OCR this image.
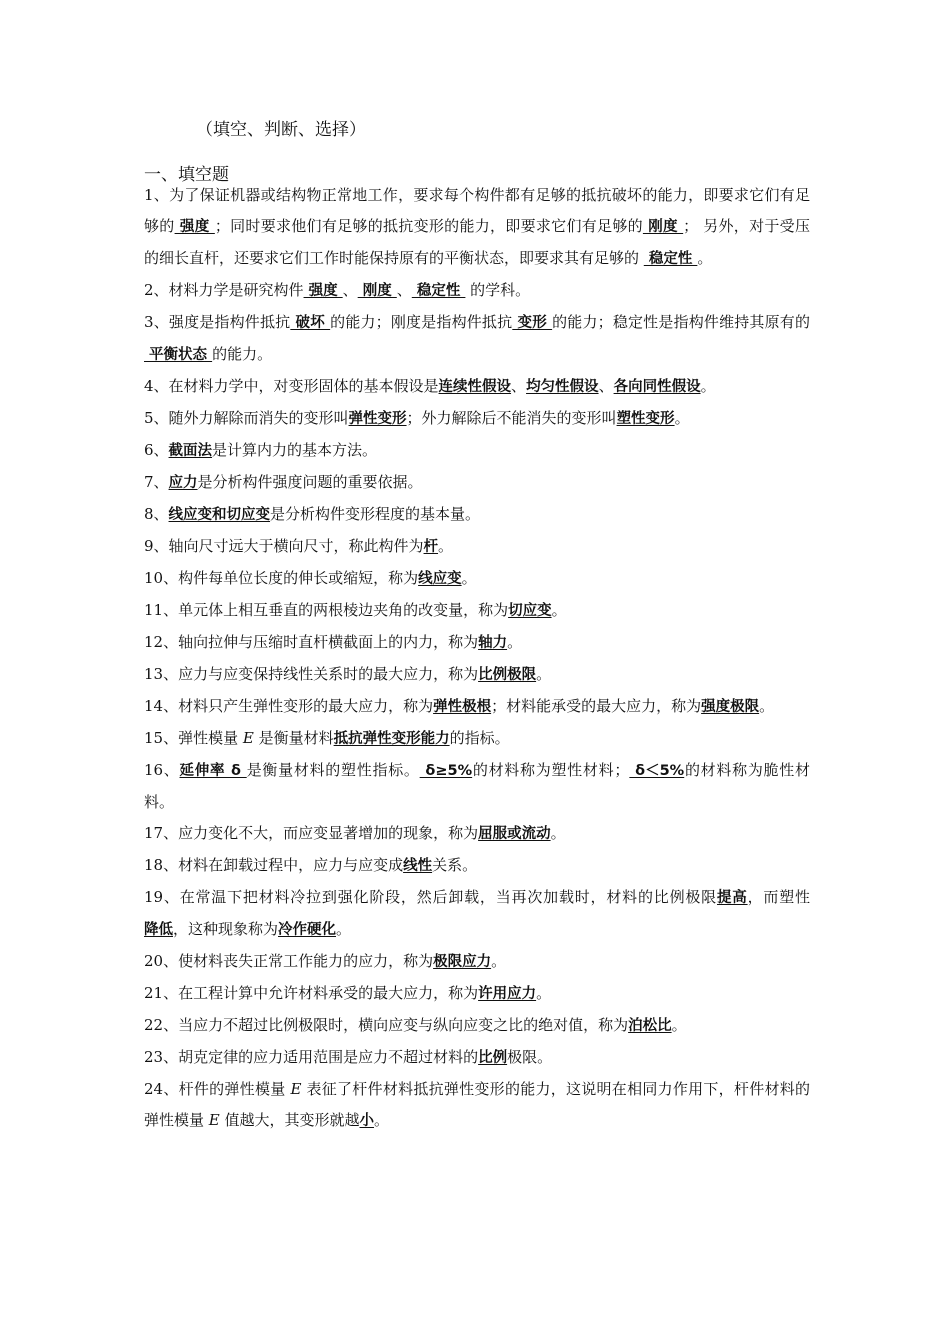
（填空、判断、选择）
一、填空题

1、为了保证机器或结构物正常地工作，要求每个构件都有足够的抵抗破坏的能力，即要求它们有足够的 强度 ；同时要求他们有足够的抵抗变形的能力，即要求它们有足够的 刚度 ； 另外，对于受压的细长直杆，还要求它们工作时能保持原有的平衡状态，即要求其有足够的  稳定性 。

2、材料力学是研究构件 强度 、 刚度 、 稳定性  的学科。

3、强度是指构件抵抗 破坏 的能力；刚度是指构件抵抗 变形 的能力；稳定性是指构件维持其原有的 平衡状态 的能力。

4、在材料力学中，对变形固体的基本假设是连续性假设、均匀性假设、各向同性假设。

5、随外力解除而消失的变形叫弹性变形；外力解除后不能消失的变形叫塑性变形。

6、截面法是计算内力的基本方法。

7、应力是分析构件强度问题的重要依据。

8、线应变和切应变是分析构件变形程度的基本量。

9、轴向尺寸远大于横向尺寸，称此构件为杆。

10、构件每单位长度的伸长或缩短，称为线应变。

11、单元体上相互垂直的两根棱边夹角的改变量，称为切应变。

12、轴向拉伸与压缩时直杆横截面上的内力，称为轴力。

13、应力与应变保持线性关系时的最大应力，称为比例极限。

14、材料只产生弹性变形的最大应力，称为弹性极根；材料能承受的最大应力，称为强度极限。

15、弹性模量 E 是衡量材料抵抗弹性变形能力的指标。

16、延伸率 δ 是衡量材料的塑性指标。 δ≥5%的材料称为塑性材料； δ＜5%的材料称为脆性材料。

17、应力变化不大，而应变显著增加的现象，称为屈服或流动。

18、材料在卸载过程中，应力与应变成线性关系。

19、在常温下把材料冷拉到强化阶段，然后卸载，当再次加载时，材料的比例极限提高，而塑性降低，这种现象称为冷作硬化。

20、使材料丧失正常工作能力的应力，称为极限应力。

21、在工程计算中允许材料承受的最大应力，称为许用应力。

22、当应力不超过比例极限时，横向应变与纵向应变之比的绝对值，称为泊松比。

23、胡克定律的应力适用范围是应力不超过材料的比例极限。

24、杆件的弹性模量 E 表征了杆件材料抵抗弹性变形的能力，这说明在相同力作用下，杆件材料的弹性模量 E 值越大，其变形就越小。
